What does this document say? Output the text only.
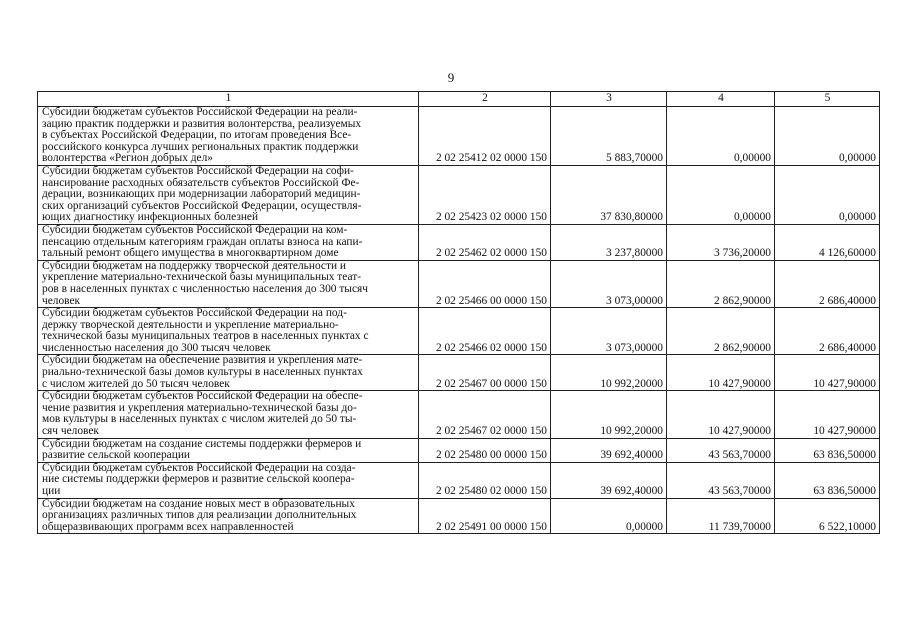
9
1	2	3	4	5
Субсидии бюджетам субъектов Российской Федерации на реали-
зацию практик поддержки и развития волонтерства, реализуемых
в субъектах Российской Федерации, по итогам проведения Все-
российского конкурса лучших региональных практик поддержки
волонтерства «Регион добрых дел»	2 02 25412 02 0000 150	5 883,70000	0,00000	0,00000
Субсидии бюджетам субъектов Российской Федерации на софи-
нансирование расходных обязательств субъектов Российской Фе-
дерации, возникающих при модернизации лабораторий медицин-
ских организаций субъектов Российской Федерации, осуществля-
ющих диагностику инфекционных болезней	2 02 25423 02 0000 150	37 830,80000	0,00000	0,00000
Субсидии бюджетам субъектов Российской Федерации на ком-
пенсацию отдельным категориям граждан оплаты взноса на капи-
тальный ремонт общего имущества в многоквартирном доме	2 02 25462 02 0000 150	3 237,80000	3 736,20000	4 126,60000
Субсидии бюджетам на поддержку творческой деятельности и
укрепление материально-технической базы муниципальных теат-
ров в населенных пунктах с численностью населения до 300 тысяч
человек	2 02 25466 00 0000 150	3 073,00000	2 862,90000	2 686,40000
Субсидии бюджетам субъектов Российской Федерации на под-
держку творческой деятельности и укрепление материально-
технической базы муниципальных театров в населенных пунктах с
численностью населения до 300 тысяч человек	2 02 25466 02 0000 150	3 073,00000	2 862,90000	2 686,40000
Субсидии бюджетам на обеспечение развития и укрепления мате-
риально-технической базы домов культуры в населенных пунктах
с числом жителей до 50 тысяч человек	2 02 25467 00 0000 150	10 992,20000	10 427,90000	10 427,90000
Субсидии бюджетам субъектов Российской Федерации на обеспе-
чение развития и укрепления материально-технической базы до-
мов культуры в населенных пунктах с числом жителей до 50 ты-
сяч человек	2 02 25467 02 0000 150	10 992,20000	10 427,90000	10 427,90000
Субсидии бюджетам на создание системы поддержки фермеров и
развитие сельской кооперации	2 02 25480 00 0000 150	39 692,40000	43 563,70000	63 836,50000
Субсидии бюджетам субъектов Российской Федерации на созда-
ние системы поддержки фермеров и развитие сельской коопера-
ции	2 02 25480 02 0000 150	39 692,40000	43 563,70000	63 836,50000
Субсидии бюджетам на создание новых мест в образовательных
организациях различных типов для реализации дополнительных
общеразвивающих программ всех направленностей	2 02 25491 00 0000 150	0,00000	11 739,70000	6 522,10000
